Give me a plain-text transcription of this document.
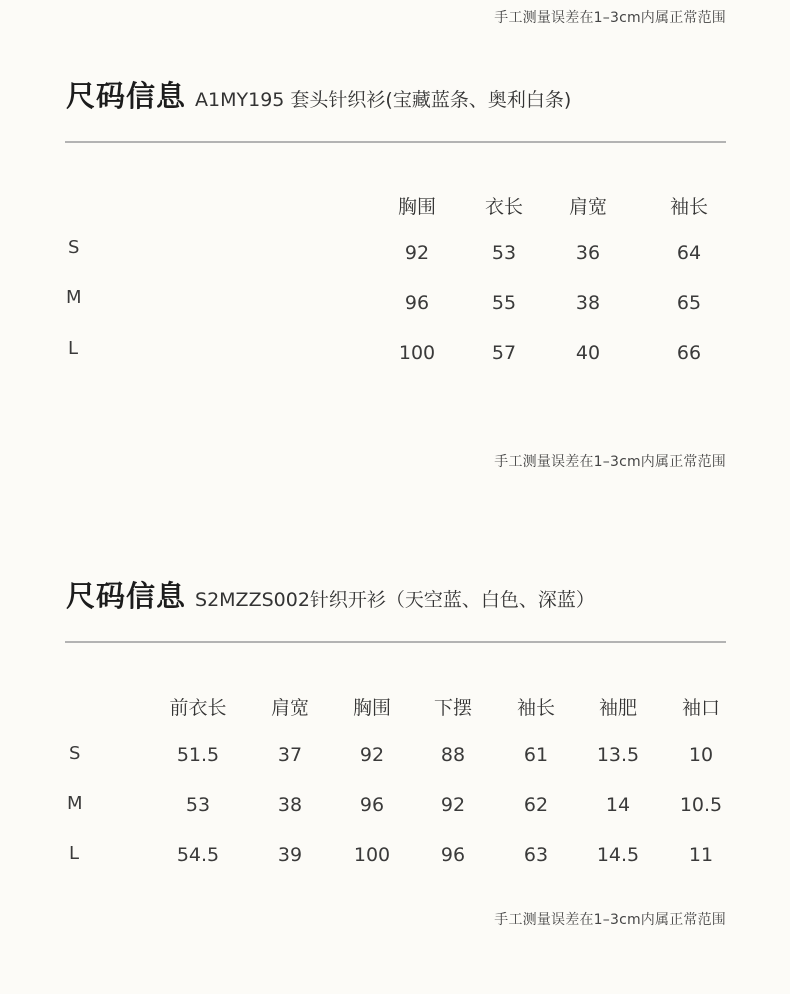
手工测量误差在1–3cm内属正常范围
尺码信息 A1MY195 套头针织衫(宝藏蓝条、奥利白条)
胸围	衣长 肩宽	袖长
S	92	53	36	64
M	96	55	38	65
L	100	57	40	66
手工测量误差在1–3cm内属正常范围
尺码信息 S2MZZS002针织开衫（天空蓝、白色、深蓝）
前衣长 肩宽 胸围 下摆 袖长 袖肥 袖口
S	51.5	37	92	88	61	13.5	10
M	53	38	96	92	62	14	10.5
L	54.5	39	100	96	63	14.5	11
手工测量误差在1–3cm内属正常范围
